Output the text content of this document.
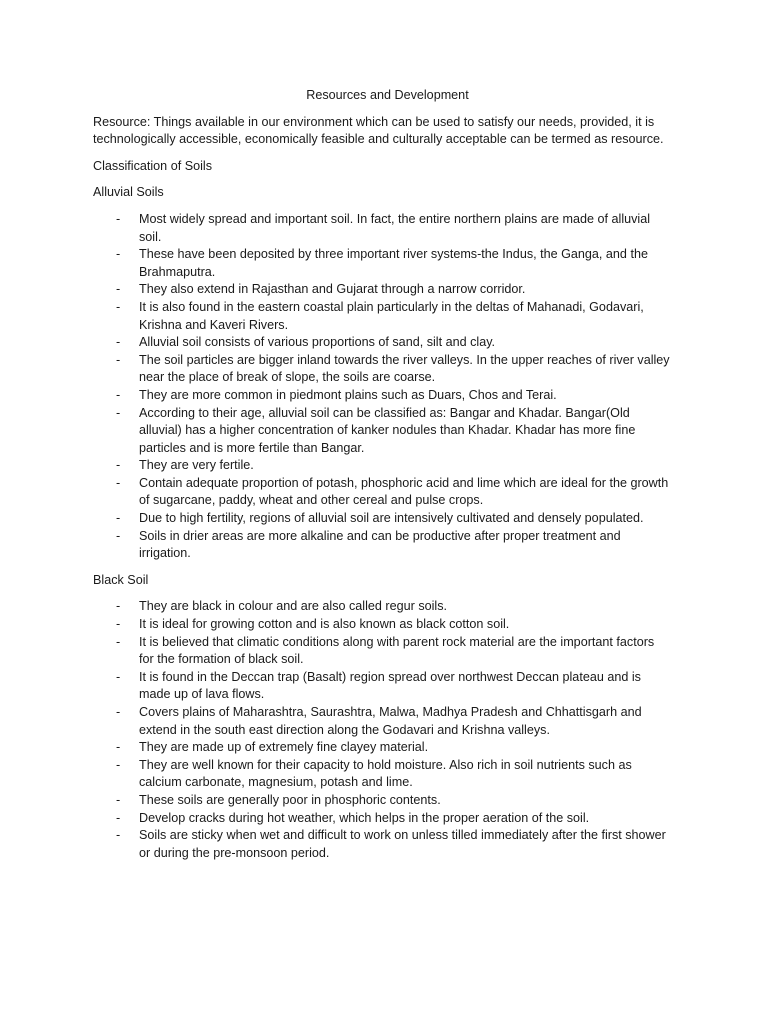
Resources and Development

Resource: Things available in our environment which can be used to satisfy our needs, provided, it is technologically accessible, economically feasible and culturally acceptable can be termed as resource.

Classification of Soils

Alluvial Soils

- Most widely spread and important soil. In fact, the entire northern plains are made of alluvial soil.
- These have been deposited by three important river systems-the Indus, the Ganga, and the Brahmaputra.
- They also extend in Rajasthan and Gujarat through a narrow corridor.
- It is also found in the eastern coastal plain particularly in the deltas of Mahanadi, Godavari, Krishna and Kaveri Rivers.
- Alluvial soil consists of various proportions of sand, silt and clay.
- The soil particles are bigger inland towards the river valleys. In the upper reaches of river valley near the place of break of slope, the soils are coarse.
- They are more common in piedmont plains such as Duars, Chos and Terai.
- According to their age, alluvial soil can be classified as: Bangar and Khadar. Bangar(Old alluvial) has a higher concentration of kanker nodules than Khadar. Khadar has more fine particles and is more fertile than Bangar.
- They are very fertile.
- Contain adequate proportion of potash, phosphoric acid and lime which are ideal for the growth of sugarcane, paddy, wheat and other cereal and pulse crops.
- Due to high fertility, regions of alluvial soil are intensively cultivated and densely populated.
- Soils in drier areas are more alkaline and can be productive after proper treatment and irrigation.

Black Soil

- They are black in colour and are also called regur soils.
- It is ideal for growing cotton and is also known as black cotton soil.
- It is believed that climatic conditions along with parent rock material are the important factors for the formation of black soil.
- It is found in the Deccan trap (Basalt) region spread over northwest Deccan plateau and is made up of lava flows.
- Covers plains of Maharashtra, Saurashtra, Malwa, Madhya Pradesh and Chhattisgarh and extend in the south east direction along the Godavari and Krishna valleys.
- They are made up of extremely fine clayey material.
- They are well known for their capacity to hold moisture. Also rich in soil nutrients such as calcium carbonate, magnesium, potash and lime.
- These soils are generally poor in phosphoric contents.
- Develop cracks during hot weather, which helps in the proper aeration of the soil.
- Soils are sticky when wet and difficult to work on unless tilled immediately after the first shower or during the pre-monsoon period.
